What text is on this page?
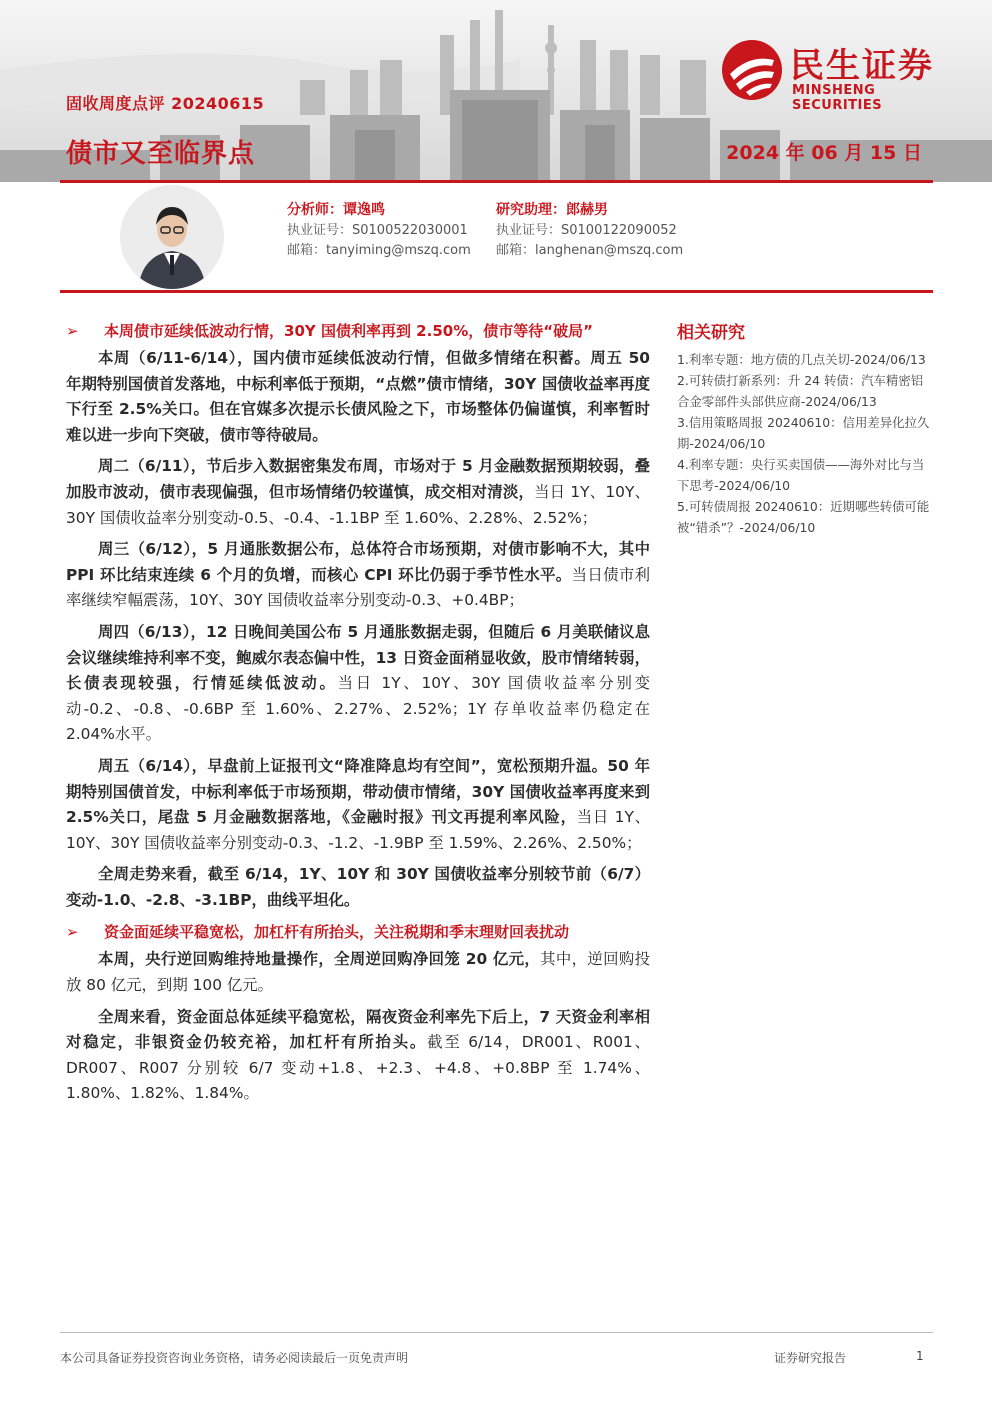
固收周度点评 20240615
债市又至临界点	2024 年 06 月 15 日
民生证券
MINSHENG SECURITIES
分析师：谭逸鸣
执业证号：S0100522030001
邮箱：tanyiming@mszq.com
研究助理：郎赫男
执业证号：S0100122090052
邮箱：langhenan@mszq.com
➢	本周债市延续低波动行情，30Y 国债利率再到 2.50%，债市等待“破局”

本周（6/11-6/14），国内债市延续低波动行情，但做多情绪在积蓄。周五 50 年期特别国债首发落地，中标利率低于预期，“点燃”债市情绪，30Y 国债收益率再度下行至 2.5%关口。但在官媒多次提示长债风险之下，市场整体仍偏谨慎，利率暂时难以进一步向下突破，债市等待破局。

周二（6/11），节后步入数据密集发布周，市场对于 5 月金融数据预期较弱，叠加股市波动，债市表现偏强，但市场情绪仍较谨慎，成交相对清淡，当日 1Y、10Y、30Y 国债收益率分别变动-0.5、-0.4、-1.1BP 至 1.60%、2.28%、2.52%；

周三（6/12），5 月通胀数据公布，总体符合市场预期，对债市影响不大，其中 PPI 环比结束连续 6 个月的负增，而核心 CPI 环比仍弱于季节性水平。当日债市利率继续窄幅震荡，10Y、30Y 国债收益率分别变动-0.3、+0.4BP；

周四（6/13），12 日晚间美国公布 5 月通胀数据走弱，但随后 6 月美联储议息会议继续维持利率不变，鲍威尔表态偏中性，13 日资金面稍显收敛，股市情绪转弱，长债表现较强，行情延续低波动。当日 1Y、10Y、30Y 国债收益率分别变动-0.2、-0.8、-0.6BP 至 1.60%、2.27%、2.52%；1Y 存单收益率仍稳定在 2.04%水平。

周五（6/14），早盘前上证报刊文“降准降息均有空间”，宽松预期升温。50 年期特别国债首发，中标利率低于市场预期，带动债市情绪，30Y 国债收益率再度来到 2.5%关口，尾盘 5 月金融数据落地，《金融时报》刊文再提利率风险，当日 1Y、10Y、30Y 国债收益率分别变动-0.3、-1.2、-1.9BP 至 1.59%、2.26%、2.50%；

全周走势来看，截至 6/14，1Y、10Y 和 30Y 国债收益率分别较节前（6/7）变动-1.0、-2.8、-3.1BP，曲线平坦化。

➢	资金面延续平稳宽松，加杠杆有所抬头，关注税期和季末理财回表扰动

本周，央行逆回购维持地量操作，全周逆回购净回笼 20 亿元，其中，逆回购投放 80 亿元，到期 100 亿元。

全周来看，资金面总体延续平稳宽松，隔夜资金利率先下后上，7 天资金利率相对稳定，非银资金仍较充裕，加杠杆有所抬头。截至 6/14，DR001、R001、DR007、R007 分别较 6/7 变动+1.8、+2.3、+4.8、+0.8BP 至 1.74%、1.80%、1.82%、1.84%。

相关研究
1.利率专题：地方债的几点关切-2024/06/13
2.可转债打新系列：升 24 转债：汽车精密铝合金零部件头部供应商-2024/06/13
3.信用策略周报 20240610：信用差异化拉久期-2024/06/10
4.利率专题：央行买卖国债——海外对比与当下思考-2024/06/10
5.可转债周报 20240610：近期哪些转债可能被“错杀”？-2024/06/10
本公司具备证券投资咨询业务资格，请务必阅读最后一页免责声明	证券研究报告	1
